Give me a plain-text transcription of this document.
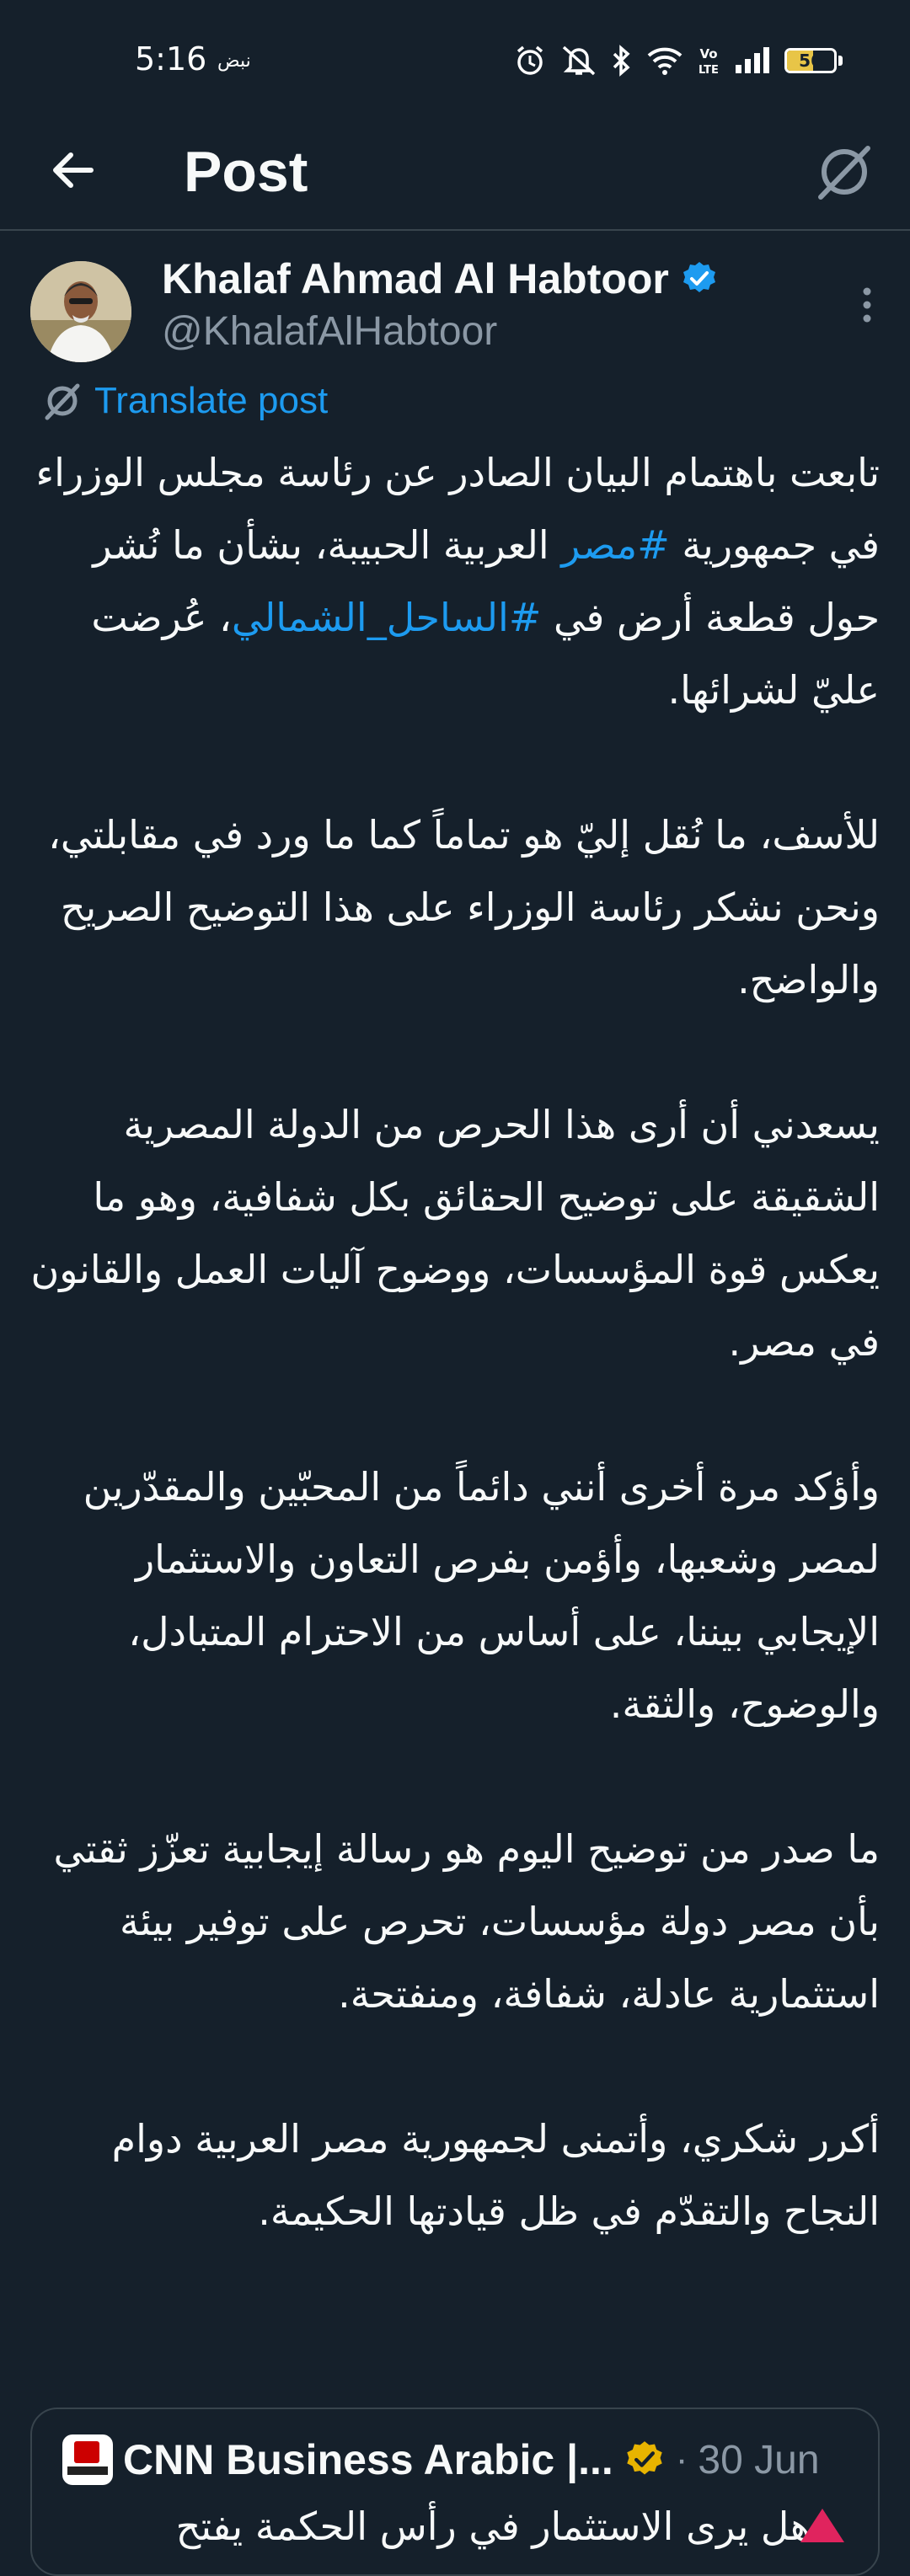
5:16 نبض	Vo
LTE	56
Post
Khalaf Ahmad Al Habtoor
@KhalafAlHabtoor
Translate post

تابعت باهتمام البيان الصادر عن رئاسة مجلس الوزراء في جمهورية #مصر العربية الحبيبة، بشأن ما نُشر حول قطعة أرض في #الساحل_الشمالي، عُرضت عليّ لشرائها.

للأسف، ما نُقل إليّ هو تماماً كما ما ورد في مقابلتي، ونحن نشكر رئاسة الوزراء على هذا التوضيح الصريح والواضح.

يسعدني أن أرى هذا الحرص من الدولة المصرية الشقيقة على توضيح الحقائق بكل شفافية، وهو ما يعكس قوة المؤسسات، ووضوح آليات العمل والقانون في مصر.

وأؤكد مرة أخرى أنني دائماً من المحبّين والمقدّرين لمصر وشعبها، وأؤمن بفرص التعاون والاستثمار الإيجابي بيننا، على أساس من الاحترام المتبادل، والوضوح، والثقة.

ما صدر من توضيح اليوم هو رسالة إيجابية تعزّز ثقتي بأن مصر دولة مؤسسات، تحرص على توفير بيئة استثمارية عادلة، شفافة، ومنفتحة.

أكرر شكري، وأتمنى لجمهورية مصر العربية دوام النجاح والتقدّم في ظل قيادتها الحكيمة.

CNN Business Arabic |... · 30 Jun
هل يرى الاستثمار في رأس الحكمة يفتح
